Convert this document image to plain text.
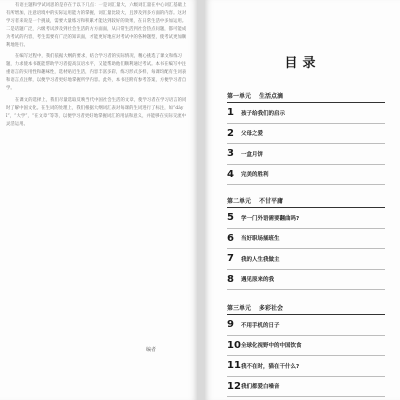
有语主题和学试词思的是存在于以下几点：一是词汇量大，六级词汇量在中心词汇基础上有所增加，注意语境中的实际运用能力的掌握，词汇量比较大，且涉及到多方面的内容。这对学习者来说是一个挑战，需要大量练习和积累才能达到较好的效果，在日常生活中多加运用。二是话题广泛，六级考试涉及到社会生活的方方面面，从日常生活到社会热点问题，都可能成为考试的内容，考生需要有广泛的知识面，才能更好地应对考试中的各种题型，使考试更加顺利地进行。

在编写过程中，我们依据大纲的要求，结合学习者的实际情况，精心挑选了课文和练习题，力求使本书既能帮助学习者提高汉语水平，又能帮助他们顺利通过考试。本书在编写中注重语言的实用性和趣味性，选材贴近生活，内容丰富多彩，练习形式多样，每课均配有生词表和语言点注释，以便学习者更好地掌握所学内容。此外，本书还附有参考答案，方便学习者自学。

在课文的选择上，我们尽量选取反映当代中国社会生活的文章，使学习者在学习语言的同时了解中国文化。在生词的处理上，我们根据大纲词汇表对每课的生词进行了标注，如“dàyī”，“大学”，“在文章”等等，以便学习者更好地掌握词汇的用法和意义，并能够在实际交流中灵活运用。

编者
目录
第一单元 生活点滴
1	孩子给我们的启示
2	父母之爱
3	一盒月饼
4	完美的胜利
第二单元 不甘平庸
5	学一门外语需要翻曲吗?
6	当好职场插班生
7	我的人生我做主
8	遇见原来的我
第三单元 多彩社会
9	不用手机的日子
10 全球化视野中的中国饮食
11 我不在时，猫在干什么?
12 我们都爱白噪音
